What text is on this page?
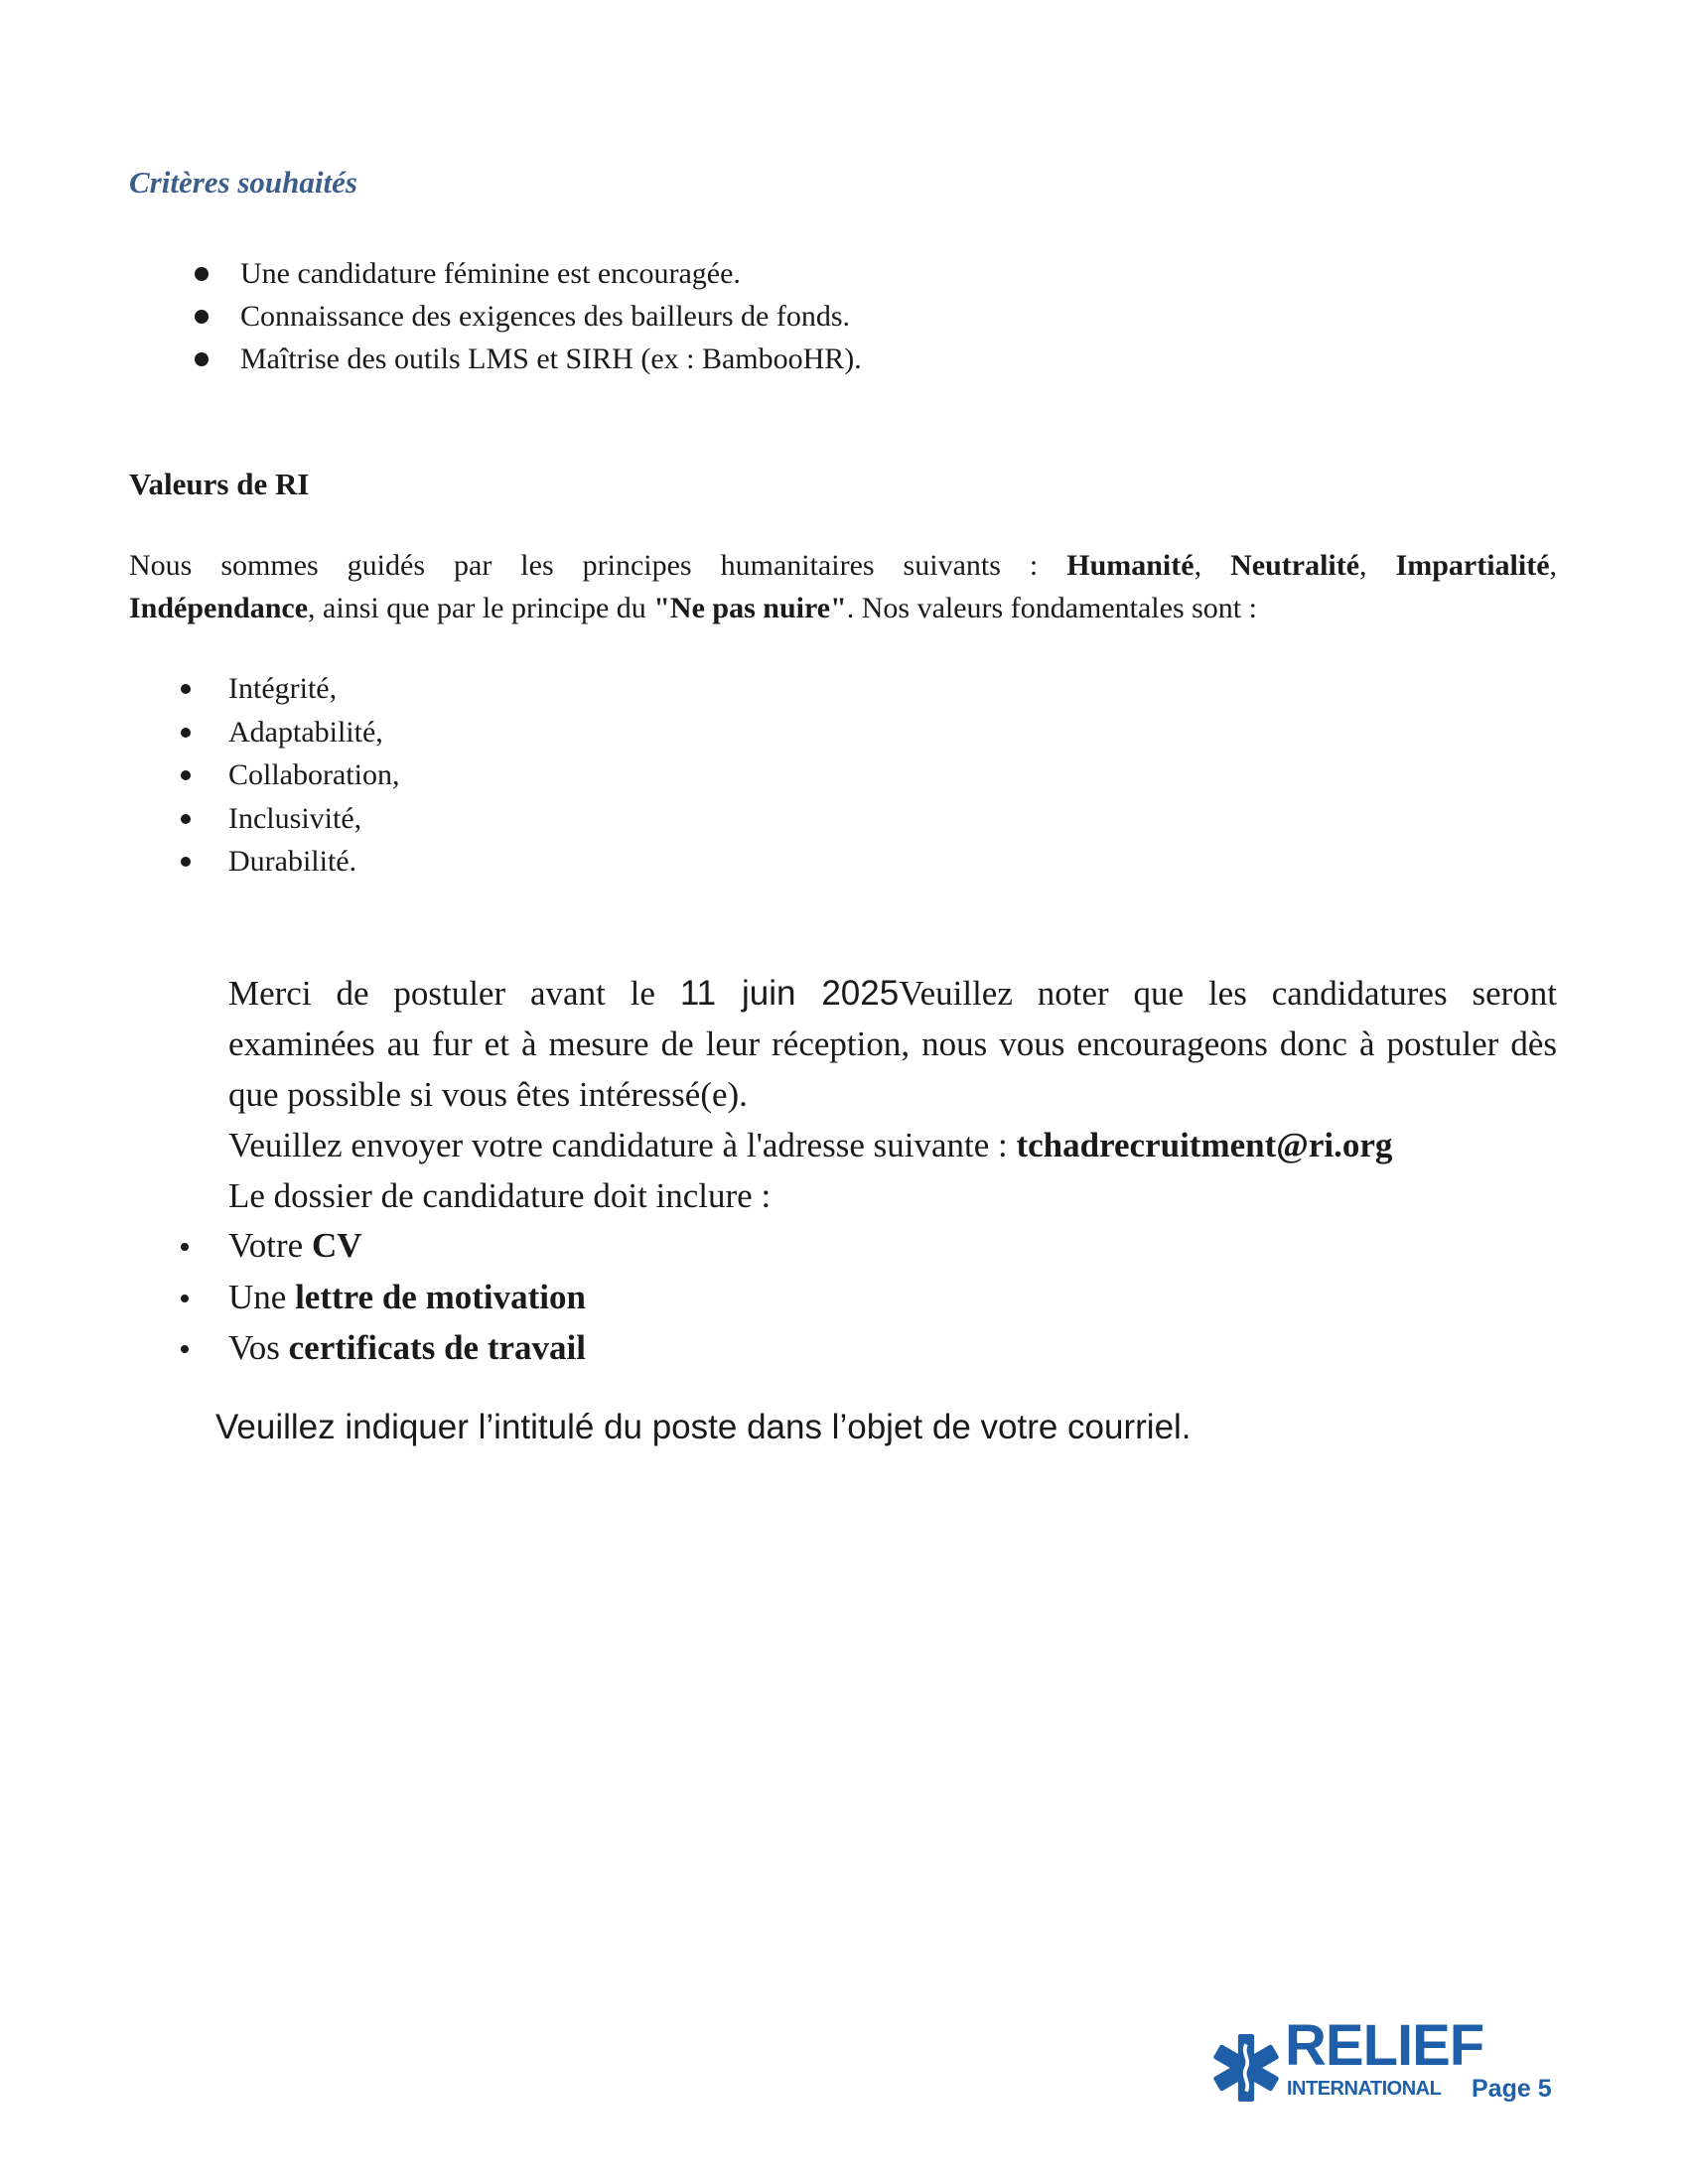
Critères souhaités
Une candidature féminine est encouragée.
Connaissance des exigences des bailleurs de fonds.
Maîtrise des outils LMS et SIRH (ex : BambooHR).
Valeurs de RI
Nous sommes guidés par les principes humanitaires suivants : Humanité, Neutralité, Impartialité,
Indépendance, ainsi que par le principe du "Ne pas nuire". Nos valeurs fondamentales sont :
Intégrité,
Adaptabilité,
Collaboration,
Inclusivité,
Durabilité.
Merci de postuler avant le 11 juin 2025Veuillez noter que les candidatures seront
examinées au fur et à mesure de leur réception, nous vous encourageons donc à postuler dès que possible si vous êtes intéressé(e).
Veuillez envoyer votre candidature à l'adresse suivante : tchadrecruitment@ri.org
Le dossier de candidature doit inclure :
Votre CV
Une lettre de motivation
Vos certificats de travail
Veuillez indiquer l’intitulé du poste dans l’objet de votre courriel.
RELIEF
INTERNATIONAL Page 5
